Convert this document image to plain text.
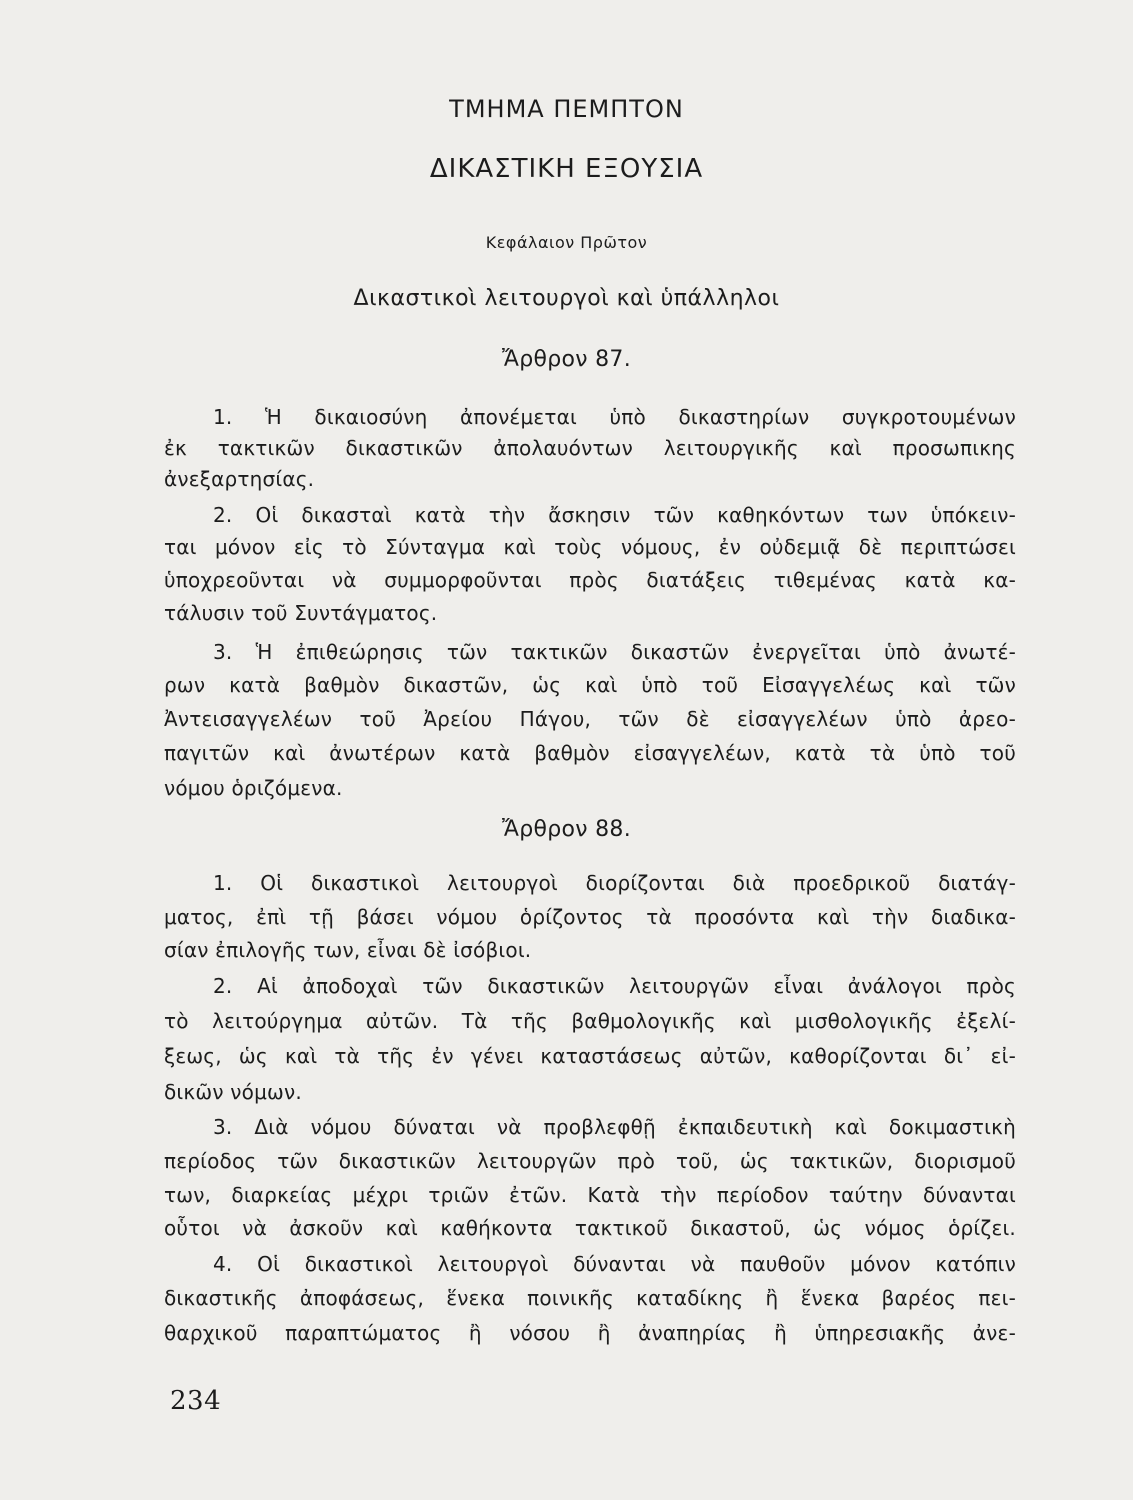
ΤΜΗΜΑ ΠΕΜΠΤΟΝ
ΔΙΚΑΣΤΙΚΗ ΕΞΟΥΣΙΑ
Κεφάλαιον Πρῶτον
Δικαστικοὶ λειτουργοὶ καὶ ὑπάλληλοι
Ἄρθρον 87.
1. Ἡ δικαιοσύνη ἀπονέμεται ὑπὸ δικαστηρίων συγκροτουμένων
ἐκ τακτικῶν δικαστικῶν ἀπολαυόντων λειτουργικῆς καὶ προσωπικης
ἀνεξαρτησίας.
2. Οἱ δικασταὶ κατὰ τὴν ἄσκησιν τῶν καθηκόντων των ὑπόκειν-
ται μόνον εἰς τὸ Σύνταγμα καὶ τοὺς νόμους, ἐν οὐδεμιᾷ δὲ περιπτώσει
ὑποχρεοῦνται νὰ συμμορφοῦνται πρὸς διατάξεις τιθεμένας κατὰ κα-
τάλυσιν τοῦ Συντάγματος.
3. Ἡ ἐπιθεώρησις τῶν τακτικῶν δικαστῶν ἐνεργεῖται ὑπὸ ἀνωτέ-
ρων κατὰ βαθμὸν δικαστῶν, ὡς καὶ ὑπὸ τοῦ Εἰσαγγελέως καὶ τῶν
Ἀντεισαγγελέων τοῦ Ἀρείου Πάγου, τῶν δὲ εἰσαγγελέων ὑπὸ ἀρεο-
παγιτῶν καὶ ἀνωτέρων κατὰ βαθμὸν εἰσαγγελέων, κατὰ τὰ ὑπὸ τοῦ
νόμου ὁριζόμενα.
Ἄρθρον 88.
1. Οἱ δικαστικοὶ λειτουργοὶ διορίζονται διὰ προεδρικοῦ διατάγ-
ματος, ἐπὶ τῇ βάσει νόμου ὁρίζοντος τὰ προσόντα καὶ τὴν διαδικα-
σίαν ἐπιλογῆς των, εἶναι δὲ ἰσόβιοι.
2. Αἱ ἀποδοχαὶ τῶν δικαστικῶν λειτουργῶν εἶναι ἀνάλογοι πρὸς
τὸ λειτούργημα αὐτῶν. Τὰ τῆς βαθμολογικῆς καὶ μισθολογικῆς ἐξελί-
ξεως, ὡς καὶ τὰ τῆς ἐν γένει καταστάσεως αὐτῶν, καθορίζονται δι᾽ εἰ-
δικῶν νόμων.
3. Διὰ νόμου δύναται νὰ προβλεφθῇ ἐκπαιδευτικὴ καὶ δοκιμαστικὴ
περίοδος τῶν δικαστικῶν λειτουργῶν πρὸ τοῦ, ὡς τακτικῶν, διορισμοῦ
των, διαρκείας μέχρι τριῶν ἐτῶν. Κατὰ τὴν περίοδον ταύτην δύνανται
οὗτοι νὰ ἀσκοῦν καὶ καθήκοντα τακτικοῦ δικαστοῦ, ὡς νόμος ὁρίζει.
4. Οἱ δικαστικοὶ λειτουργοὶ δύνανται νὰ παυθοῦν μόνον κατόπιν
δικαστικῆς ἀποφάσεως, ἕνεκα ποινικῆς καταδίκης ἢ ἕνεκα βαρέος πει-
θαρχικοῦ παραπτώματος ἢ νόσου ἢ ἀναπηρίας ἢ ὑπηρεσιακῆς ἀνε-
234
